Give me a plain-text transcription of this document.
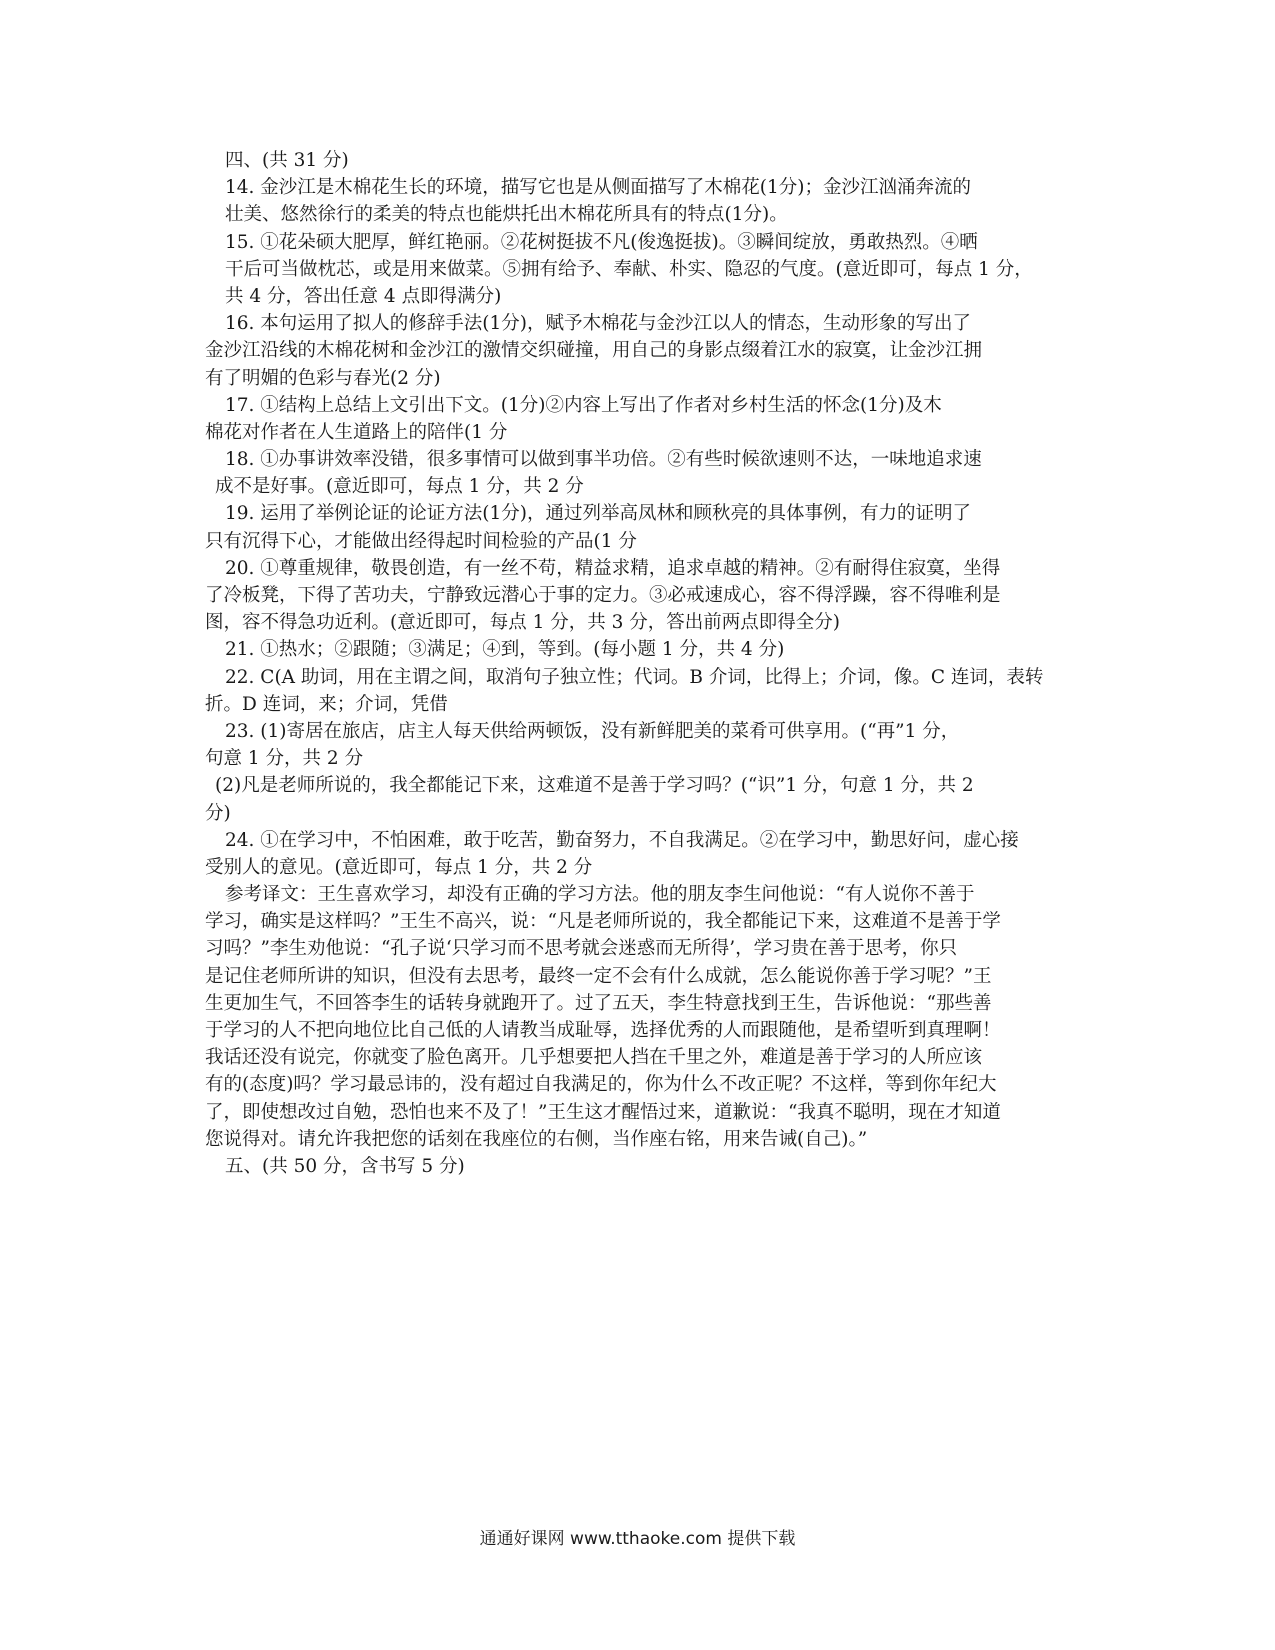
四、(共 31 分)
14. 金沙江是木棉花生长的环境，描写它也是从侧面描写了木棉花(1分)；金沙江汹涌奔流的
壮美、悠然徐行的柔美的特点也能烘托出木棉花所具有的特点(1分)。
15. ①花朵硕大肥厚，鲜红艳丽。②花树挺拔不凡(俊逸挺拔)。③瞬间绽放，勇敢热烈。④晒
干后可当做枕芯，或是用来做菜。⑤拥有给予、奉献、朴实、隐忍的气度。(意近即可，每点 1 分，
共 4 分，答出任意 4 点即得满分)
16. 本句运用了拟人的修辞手法(1分)，赋予木棉花与金沙江以人的情态，生动形象的写出了
金沙江沿线的木棉花树和金沙江的激情交织碰撞，用自己的身影点缀着江水的寂寞，让金沙江拥
有了明媚的色彩与春光(2 分)
17. ①结构上总结上文引出下文。(1分)②内容上写出了作者对乡村生活的怀念(1分)及木
棉花对作者在人生道路上的陪伴(1 分
18. ①办事讲效率没错，很多事情可以做到事半功倍。②有些时候欲速则不达，一味地追求速
成不是好事。(意近即可，每点 1 分，共 2 分
19. 运用了举例论证的论证方法(1分)，通过列举高凤林和顾秋亮的具体事例，有力的证明了
只有沉得下心，才能做出经得起时间检验的产品(1 分
20. ①尊重规律，敬畏创造，有一丝不苟，精益求精，追求卓越的精神。②有耐得住寂寞，坐得
了冷板凳，下得了苦功夫，宁静致远潜心于事的定力。③必戒速成心，容不得浮躁，容不得唯利是
图，容不得急功近利。(意近即可，每点 1 分，共 3 分，答出前两点即得全分)
21. ①热水；②跟随；③满足；④到，等到。(每小题 1 分，共 4 分)
22. C(A 助词，用在主谓之间，取消句子独立性；代词。B 介词，比得上；介词，像。C 连词，表转
折。D 连词，来；介词，凭借
23. (1)寄居在旅店，店主人每天供给两顿饭，没有新鲜肥美的菜肴可供享用。(“再”1 分，
句意 1 分，共 2 分
(2)凡是老师所说的，我全都能记下来，这难道不是善于学习吗？(“识”1 分，句意 1 分，共 2
分)
24. ①在学习中，不怕困难，敢于吃苦，勤奋努力，不自我满足。②在学习中，勤思好问，虚心接
受别人的意见。(意近即可，每点 1 分，共 2 分
参考译文：王生喜欢学习，却没有正确的学习方法。他的朋友李生问他说：“有人说你不善于
学习，确实是这样吗？”王生不高兴，说：“凡是老师所说的，我全都能记下来，这难道不是善于学
习吗？”李生劝他说：“孔子说‘只学习而不思考就会迷惑而无所得’，学习贵在善于思考，你只
是记住老师所讲的知识，但没有去思考，最终一定不会有什么成就，怎么能说你善于学习呢？”王
生更加生气，不回答李生的话转身就跑开了。过了五天，李生特意找到王生，告诉他说：“那些善
于学习的人不把向地位比自己低的人请教当成耻辱，选择优秀的人而跟随他，是希望听到真理啊！
我话还没有说完，你就变了脸色离开。几乎想要把人挡在千里之外，难道是善于学习的人所应该
有的(态度)吗？学习最忌讳的，没有超过自我满足的，你为什么不改正呢？不这样，等到你年纪大
了，即使想改过自勉，恐怕也来不及了！”王生这才醒悟过来，道歉说：“我真不聪明，现在才知道
您说得对。请允许我把您的话刻在我座位的右侧，当作座右铭，用来告诫(自己)。”
五、(共 50 分，含书写 5 分)
通通好课网 www.tthaoke.com 提供下载
